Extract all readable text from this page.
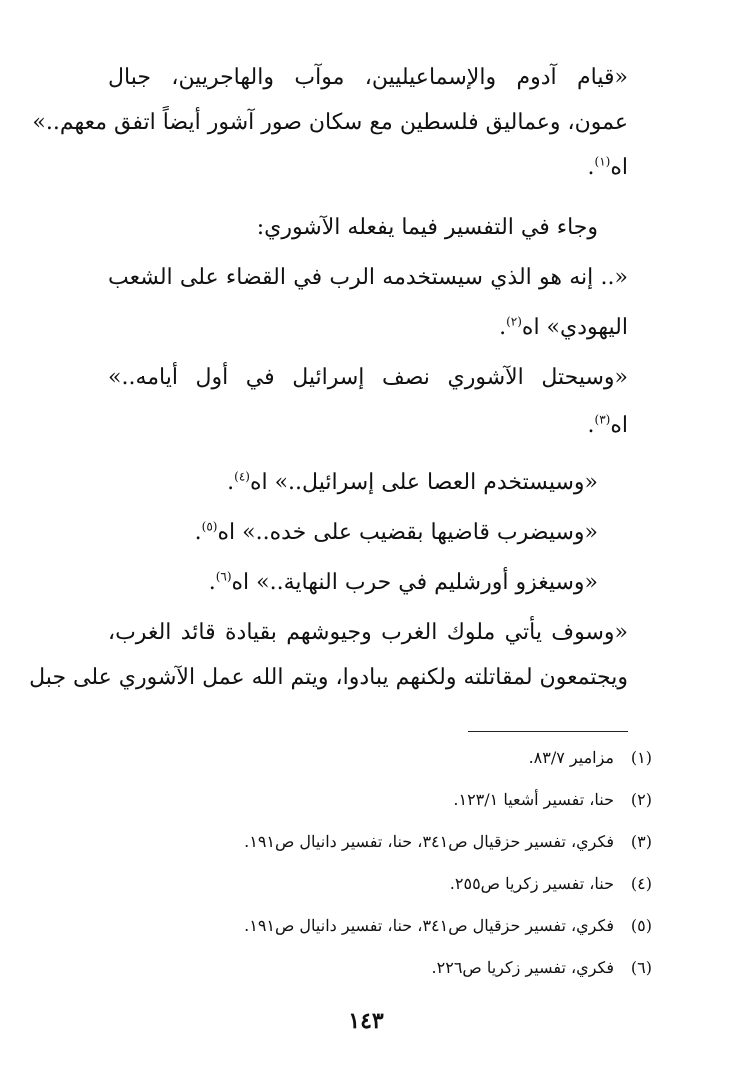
«قيام آدوم والإسماعيليين، موآب والهاجريين، جبال
عمون، وعماليق فلسطين مع سكان صور آشور أيضاً اتفق معهم..»
اه$^{(١)}$.
وجاء في التفسير فيما يفعله الآشوري:
«.. إنه هو الذي سيستخدمه الرب في القضاء على الشعب
اليهودي» اه$^{(٢)}$.
«وسيحتل الآشوري نصف إسرائيل في أول أيامه..»
اه$^{(٣)}$.
«وسيستخدم العصا على إسرائيل..» اه$^{(٤)}$.
«وسيضرب قاضيها بقضيب على خده..» اه$^{(٥)}$.
«وسيغزو أورشليم في حرب النهاية..» اه$^{(٦)}$.
«وسوف يأتي ملوك الغرب وجيوشهم بقيادة قائد الغرب،
ويجتمعون لمقاتلته ولكنهم يبادوا، ويتم الله عمل الآشوري على جبل
(١)مزامير ٨٣/٧.
(٢)حنا، تفسير أشعيا ١٢٣/١.
(٣)فكري، تفسير حزقيال ص٣٤١، حنا، تفسير دانيال ص١٩١.
(٤)حنا، تفسير زكريا ص٢٥٥.
(٥)فكري، تفسير حزقيال ص٣٤١، حنا، تفسير دانيال ص١٩١.
(٦)فكري، تفسير زكريا ص٢٢٦.
١٤٣
